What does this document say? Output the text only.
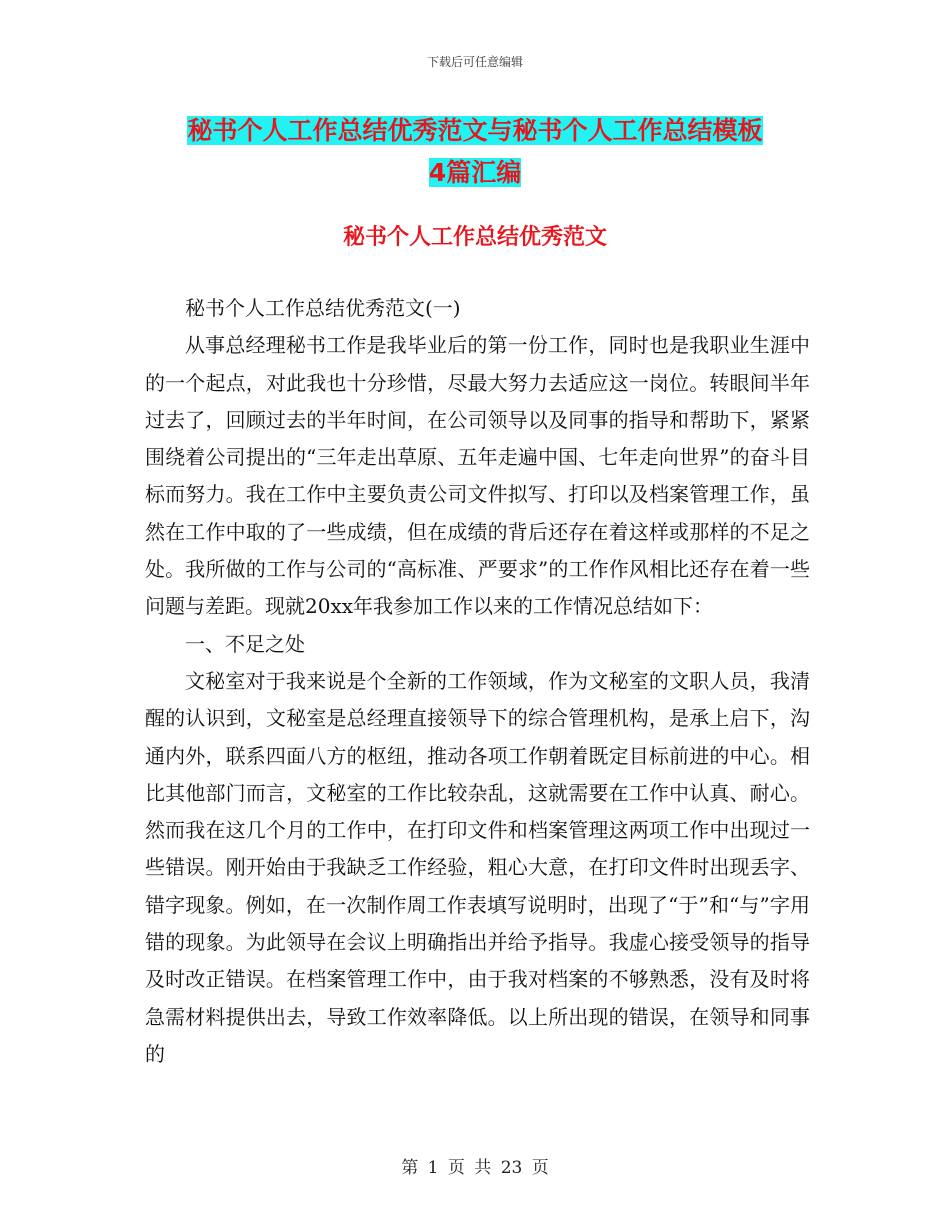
下载后可任意编辑
秘书个人工作总结优秀范文与秘书个人工作总结模板
4篇汇编
秘书个人工作总结优秀范文

秘书个人工作总结优秀范文(一)

从事总经理秘书工作是我毕业后的第一份工作，同时也是我职业生涯中的一个起点，对此我也十分珍惜，尽最大努力去适应这一岗位。转眼间半年过去了，回顾过去的半年时间，在公司领导以及同事的指导和帮助下，紧紧围绕着公司提出的“三年走出草原、五年走遍中国、七年走向世界”的奋斗目标而努力。我在工作中主要负责公司文件拟写、打印以及档案管理工作，虽然在工作中取的了一些成绩，但在成绩的背后还存在着这样或那样的不足之处。我所做的工作与公司的“高标准、严要求”的工作作风相比还存在着一些问题与差距。现就20xx年我参加工作以来的工作情况总结如下：

一、不足之处

文秘室对于我来说是个全新的工作领域，作为文秘室的文职人员，我清醒的认识到，文秘室是总经理直接领导下的综合管理机构，是承上启下，沟通内外，联系四面八方的枢纽，推动各项工作朝着既定目标前进的中心。相比其他部门而言，文秘室的工作比较杂乱，这就需要在工作中认真、耐心。然而我在这几个月的工作中，在打印文件和档案管理这两项工作中出现过一些错误。刚开始由于我缺乏工作经验，粗心大意，在打印文件时出现丢字、错字现象。例如，在一次制作周工作表填写说明时，出现了“于”和“与”字用错的现象。为此领导在会议上明确指出并给予指导。我虚心接受领导的指导及时改正错误。在档案管理工作中，由于我对档案的不够熟悉，没有及时将急需材料提供出去，导致工作效率降低。以上所出现的错误，在领导和同事的

第 1 页 共 23 页
